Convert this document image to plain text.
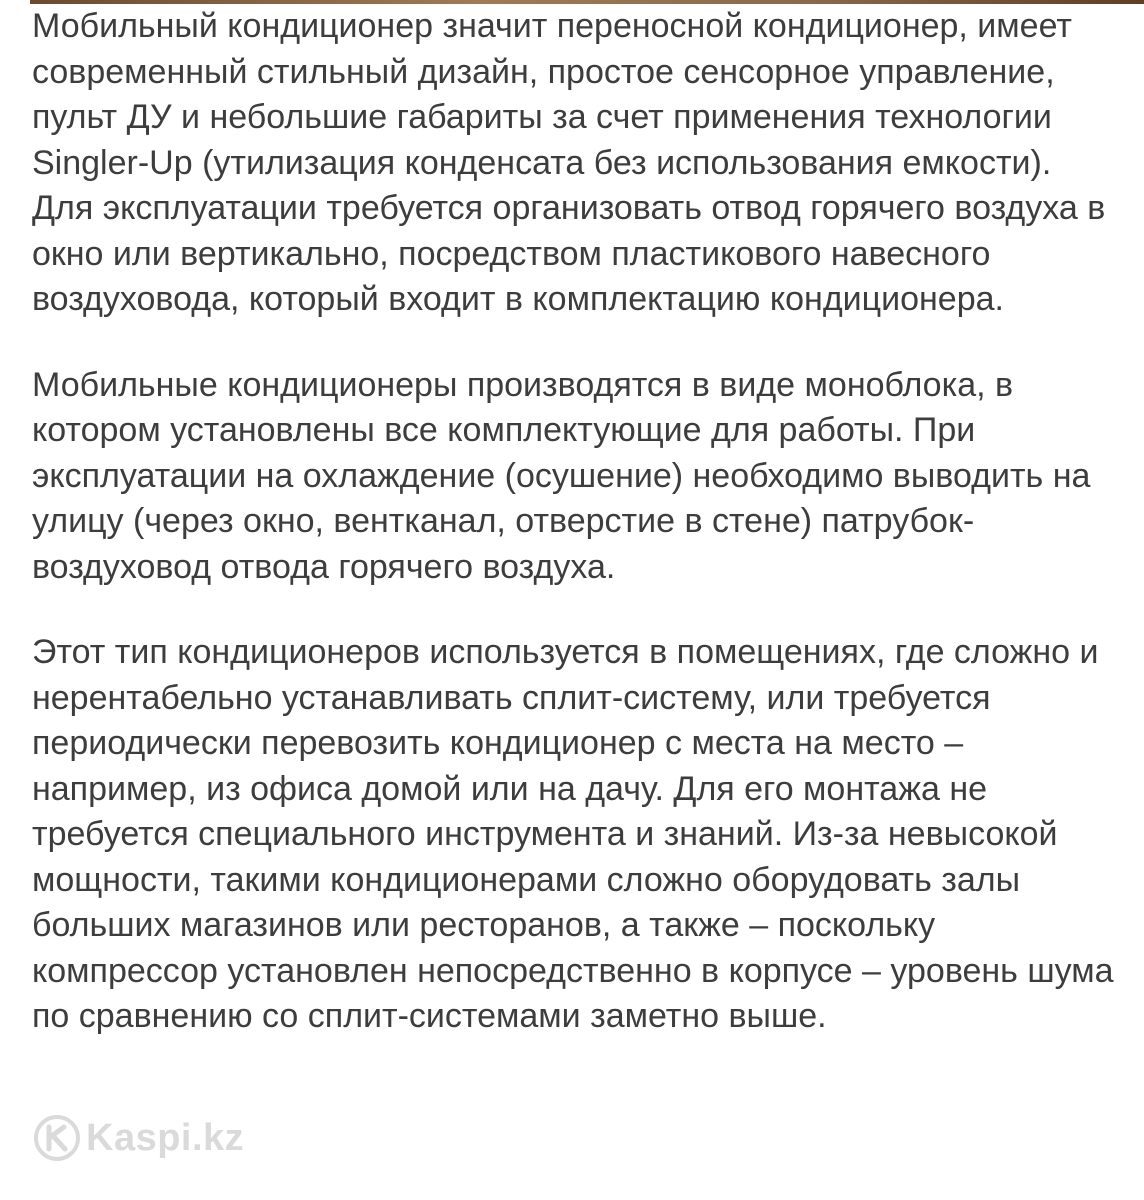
Мобильный кондиционер значит переносной кондиционер, имеет современный стильный дизайн, простое сенсорное управление, пульт ДУ и небольшие габариты за счет применения технологии Singler-Up (утилизация конденсата без использования емкости). Для эксплуатации требуется организовать отвод горячего воздуха в окно или вертикально, посредством пластикового навесного воздуховода, который входит в комплектацию кондиционера.

Мобильные кондиционеры производятся в виде моноблока, в котором установлены все комплектующие для работы. При эксплуатации на охлаждение (осушение) необходимо выводить на улицу (через окно, вентканал, отверстие в стене) патрубок-воздуховод отвода горячего воздуха.

Этот тип кондиционеров используется в помещениях, где сложно и нерентабельно устанавливать сплит-систему, или требуется периодически перевозить кондиционер с места на место – например, из офиса домой или на дачу. Для его монтажа не требуется специального инструмента и знаний. Из-за невысокой мощности, такими кондиционерами сложно оборудовать залы больших магазинов или ресторанов, а также – поскольку компрессор установлен непосредственно в корпусе – уровень шума по сравнению со сплит-системами заметно выше.

Kaspi.kz
